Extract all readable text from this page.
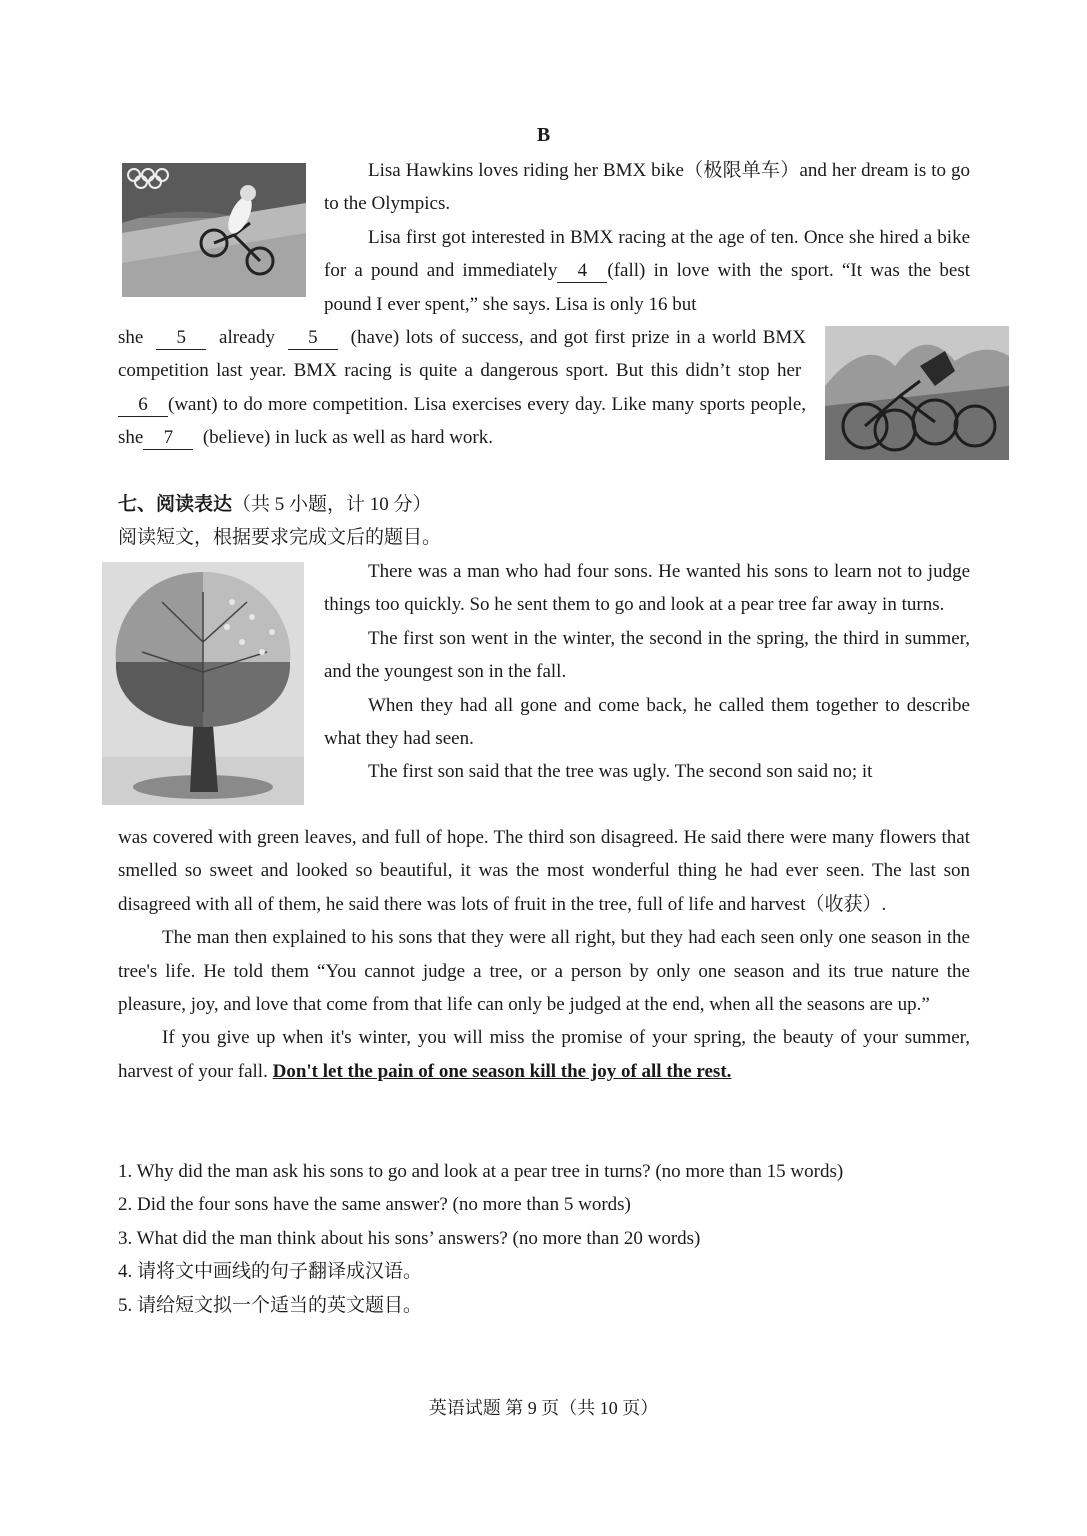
B

Lisa Hawkins loves riding her BMX bike（极限单车）and her dream is to go to the Olympics.

Lisa first got interested in BMX racing at the age of ten. Once she hired a bike for a pound and immediately 4 (fall) in love with the sport. “It was the best pound I ever spent,” she says. Lisa is only 16 but

she 5 already 5 (have) lots of success, and got first prize in a world BMX competition last year. BMX racing is quite a dangerous sport. But this didn’t stop her  6 (want) to do more competition. Lisa exercises every day. Like many sports people, she 7 (believe) in luck as well as hard work.

七、阅读表达（共 5 小题，计 10 分）

阅读短文，根据要求完成文后的题目。

There was a man who had four sons. He wanted his sons to learn not to judge things too quickly. So he sent them to go and look at a pear tree far away in turns.

The first son went in the winter, the second in the spring, the third in summer, and the youngest son in the fall.

When they had all gone and come back, he called them together to describe what they had seen.

The first son said that the tree was ugly. The second son said no; it

was covered with green leaves, and full of hope. The third son disagreed. He said there were many flowers that smelled so sweet and looked so beautiful, it was the most wonderful thing he had ever seen. The last son disagreed with all of them, he said there was lots of fruit in the tree, full of life and harvest（收获）.

The man then explained to his sons that they were all right, but they had each seen only one season in the tree's life. He told them “You cannot judge a tree, or a person by only one season and its true nature the pleasure, joy, and love that come from that life can only be judged at the end, when all the seasons are up.”

If you give up when it's winter, you will miss the promise of your spring, the beauty of your summer, harvest of your fall. Don't let the pain of one season kill the joy of all the rest.

1. Why did the man ask his sons to go and look at a pear tree in turns? (no more than 15 words)
2. Did the four sons have the same answer? (no more than 5 words)
3. What did the man think about his sons’ answers? (no more than 20 words)
4. 请将文中画线的句子翻译成汉语。
5. 请给短文拟一个适当的英文题目。
英语试题 第 9 页（共 10 页）
